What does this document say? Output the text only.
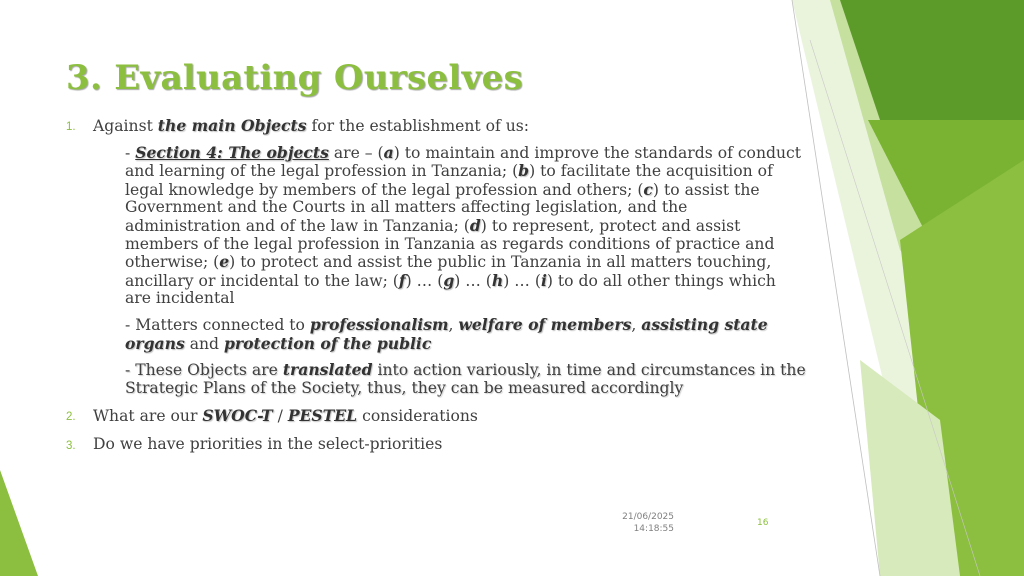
3. Evaluating Ourselves
1. Against the main Objects for the establishment of us:
- Section 4: The objects are – (a) to maintain and improve the standards of conduct and learning of the legal profession in Tanzania; (b) to facilitate the acquisition of legal knowledge by members of the legal profession and others; (c) to assist the Government and the Courts in all matters affecting legislation, and the administration and of the law in Tanzania; (d) to represent, protect and assist members of the legal profession in Tanzania as regards conditions of practice and otherwise; (e) to protect and assist the public in Tanzania in all matters touching, ancillary or incidental to the law; (f) … (g) … (h) … (i) to do all other things which are incidental
- Matters connected to professionalism, welfare of members, assisting state organs and protection of the public
- These Objects are translated into action variously, in time and circumstances in the Strategic Plans of the Society, thus, they can be measured accordingly
2. What are our SWOC-T / PESTEL considerations
3. Do we have priorities in the select-priorities
21/06/2025
14:18:55
16
